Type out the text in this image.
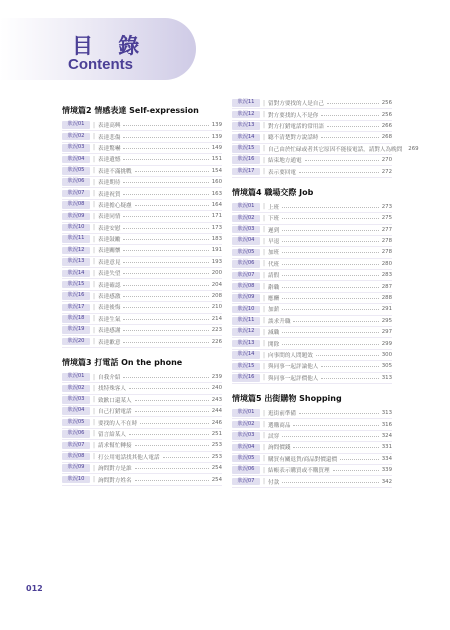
目 錄
Contents
情境篇2 情感表達 Self-expression
狀況01	| 表達高興	139
狀況02	| 表達悲傷	139
狀況03	| 表達驚嚇	149
狀況04	| 表達遺憾	151
狀況05	| 表達不滿挑戰	154
狀況06	| 表達期待	160
狀況07	| 表達祝賀	163
狀況08	| 表達擔心疑慮	164
狀況09	| 表達同情	171
狀況10	| 表達安慰	173
狀況11	| 表達鼓勵	183
狀況12	| 表達關懷	191
狀況13	| 表達意見	193
狀況14	| 表達失望	200
狀況15	| 表達確認	204
狀況16	| 表達感激	208
狀況17	| 表達後悔	210
狀況18	| 表達生氣	214
狀況19	| 表達感謝	223
狀況20	| 表達歉意	226
情境篇3 打電話 On the phone
狀況01	| 自我介紹	239
狀況02	| 找特殊客人	240
狀況03	| 致歉口還某人	243
狀況04	| 自己打錯電話	244
狀況05	| 要找的人不在時	246
狀況06	| 留言給某人	251
狀況07	| 請求幫忙轉接	253
狀況08	| 打公用電話找其他人電話	253
狀況09	| 詢問對方是誰	254
狀況10	| 詢問對方姓名	254
狀況11	| 留對方要找的人是自己	256
狀況12	| 對方要找的人不是你	256
狀況13	| 對方打錯電話的常用語	266
狀況14	| 聽不清楚對方說話時	268
狀況15	| 自己由於忙碌或者其它原因不能接電話，請對人為晚問 269
狀況16	| 結束地方通電	270
狀況17	| 表示要回電	272
情境篇4 職場交際 Job
狀況01	| 上班	273
狀況02	| 下班	275
狀況03	| 遲到	277
狀況04	| 早退	278
狀況05	| 加班	278
狀況06	| 代班	280
狀況07	| 請假	283
狀況08	| 辭職	287
狀況09	| 應酬	288
狀況10	| 加薪	291
狀況11	| 談求升職	295
狀況12	| 減職	297
狀況13	| 開除	299
狀況14	| 向事問的人問題效	300
狀況15	| 與同事一起評論他人	305
狀況16	| 與同事一起評價他人	313
情境篇5 出街購物 Shopping
狀況01	| 逛街前準備	313
狀況02	| 選購商品	316
狀況03	| 試穿	324
狀況04	| 詢問價錢	331
狀況05	| 購買有關退貨/商品對價還價	334
狀況06	| 結帳表示購買或不購買理	339
狀況07	| 付款	342
012
